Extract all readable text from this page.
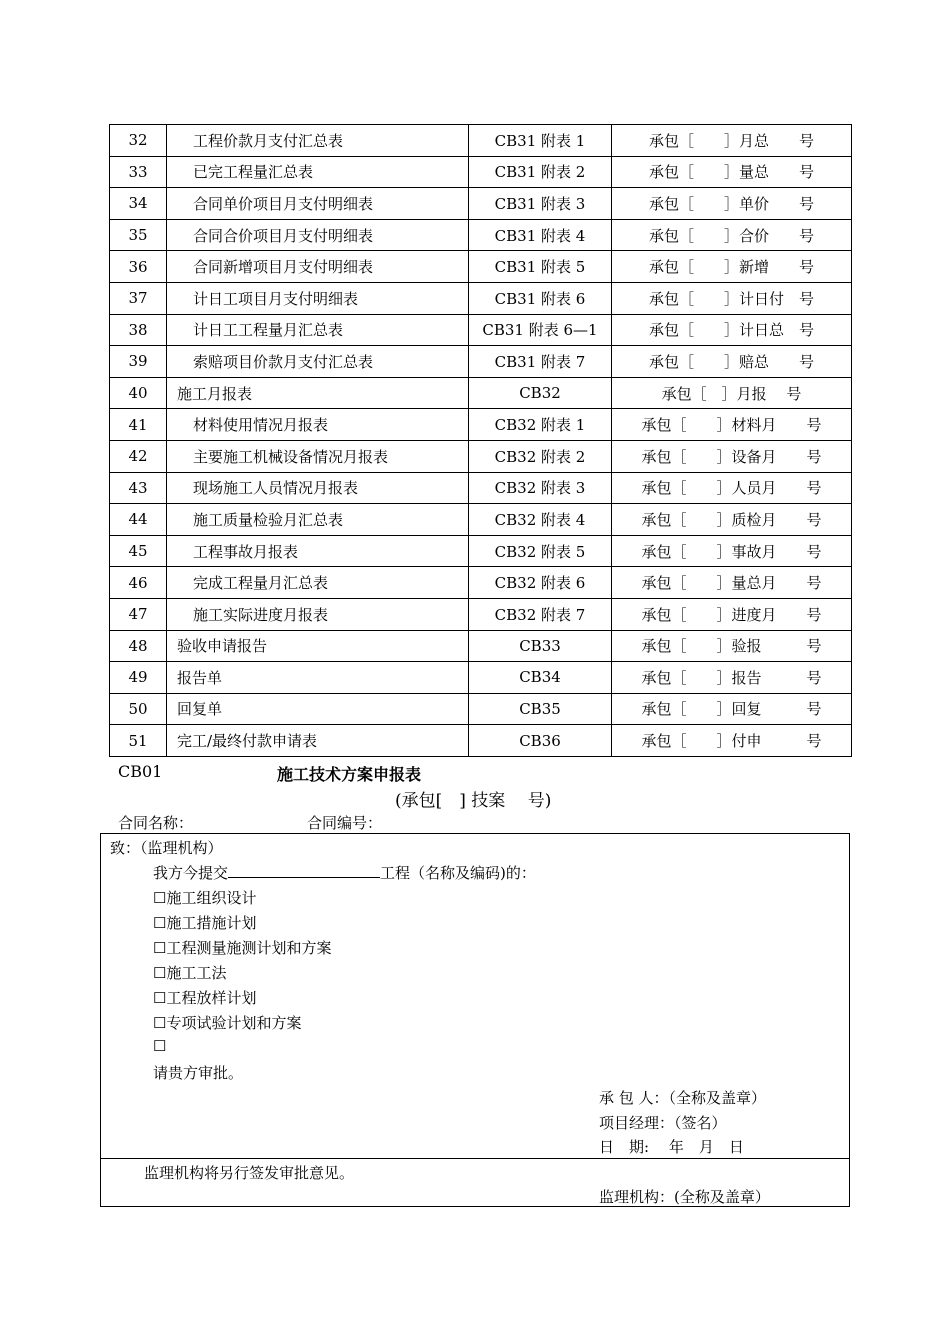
32	工程价款月支付汇总表	CB31 附表 1	承包［　　］月总　　号
33	已完工程量汇总表	CB31 附表 2	承包［　　］量总　　号
34	合同单价项目月支付明细表	CB31 附表 3	承包［　　］单价　　号
35	合同合价项目月支付明细表	CB31 附表 4	承包［　　］合价　　号
36	合同新增项目月支付明细表	CB31 附表 5	承包［　　］新增　　号
37	计日工项目月支付明细表	CB31 附表 6	承包［　　］计日付　号
38	计日工工程量月汇总表	CB31 附表 6—1	承包［　　］计日总　号
39	索赔项目价款月支付汇总表	CB31 附表 7	承包［　　］赔总　　号
40	施工月报表	CB32	承包［　］月报　 号
41	材料使用情况月报表	CB32 附表 1	承包［　　］材料月　　号
42	主要施工机械设备情况月报表	CB32 附表 2	承包［　　］设备月　　号
43	现场施工人员情况月报表	CB32 附表 3	承包［　　］人员月　　号
44	施工质量检验月汇总表	CB32 附表 4	承包［　　］质检月　　号
45	工程事故月报表	CB32 附表 5	承包［　　］事故月　　号
46	完成工程量月汇总表	CB32 附表 6	承包［　　］量总月　　号
47	施工实际进度月报表	CB32 附表 7	承包［　　］进度月　　号
48	验收申请报告	CB33	承包［　　］验报　　　号
49	报告单	CB34	承包［　　］报告　　　号
50	回复单	CB35	承包［　　］回复　　　号
51	完工/最终付款申请表	CB36	承包［　　］付申　　　号
CB01	施工技术方案申报表
(承包[　] 技案　 号)
合同名称：	合同编号：
致：（监理机构）
我方今提交	工程（名称及编码)的：
☐施工组织设计
☐施工措施计划
☐工程测量施测计划和方案
☐施工工法
☐工程放样计划
☐专项试验计划和方案
☐
请贵方审批。
承 包 人：（全称及盖章）
项目经理：（签名）
日　期:　 年　月　日
监理机构将另行签发审批意见。
监理机构：(全称及盖章）
